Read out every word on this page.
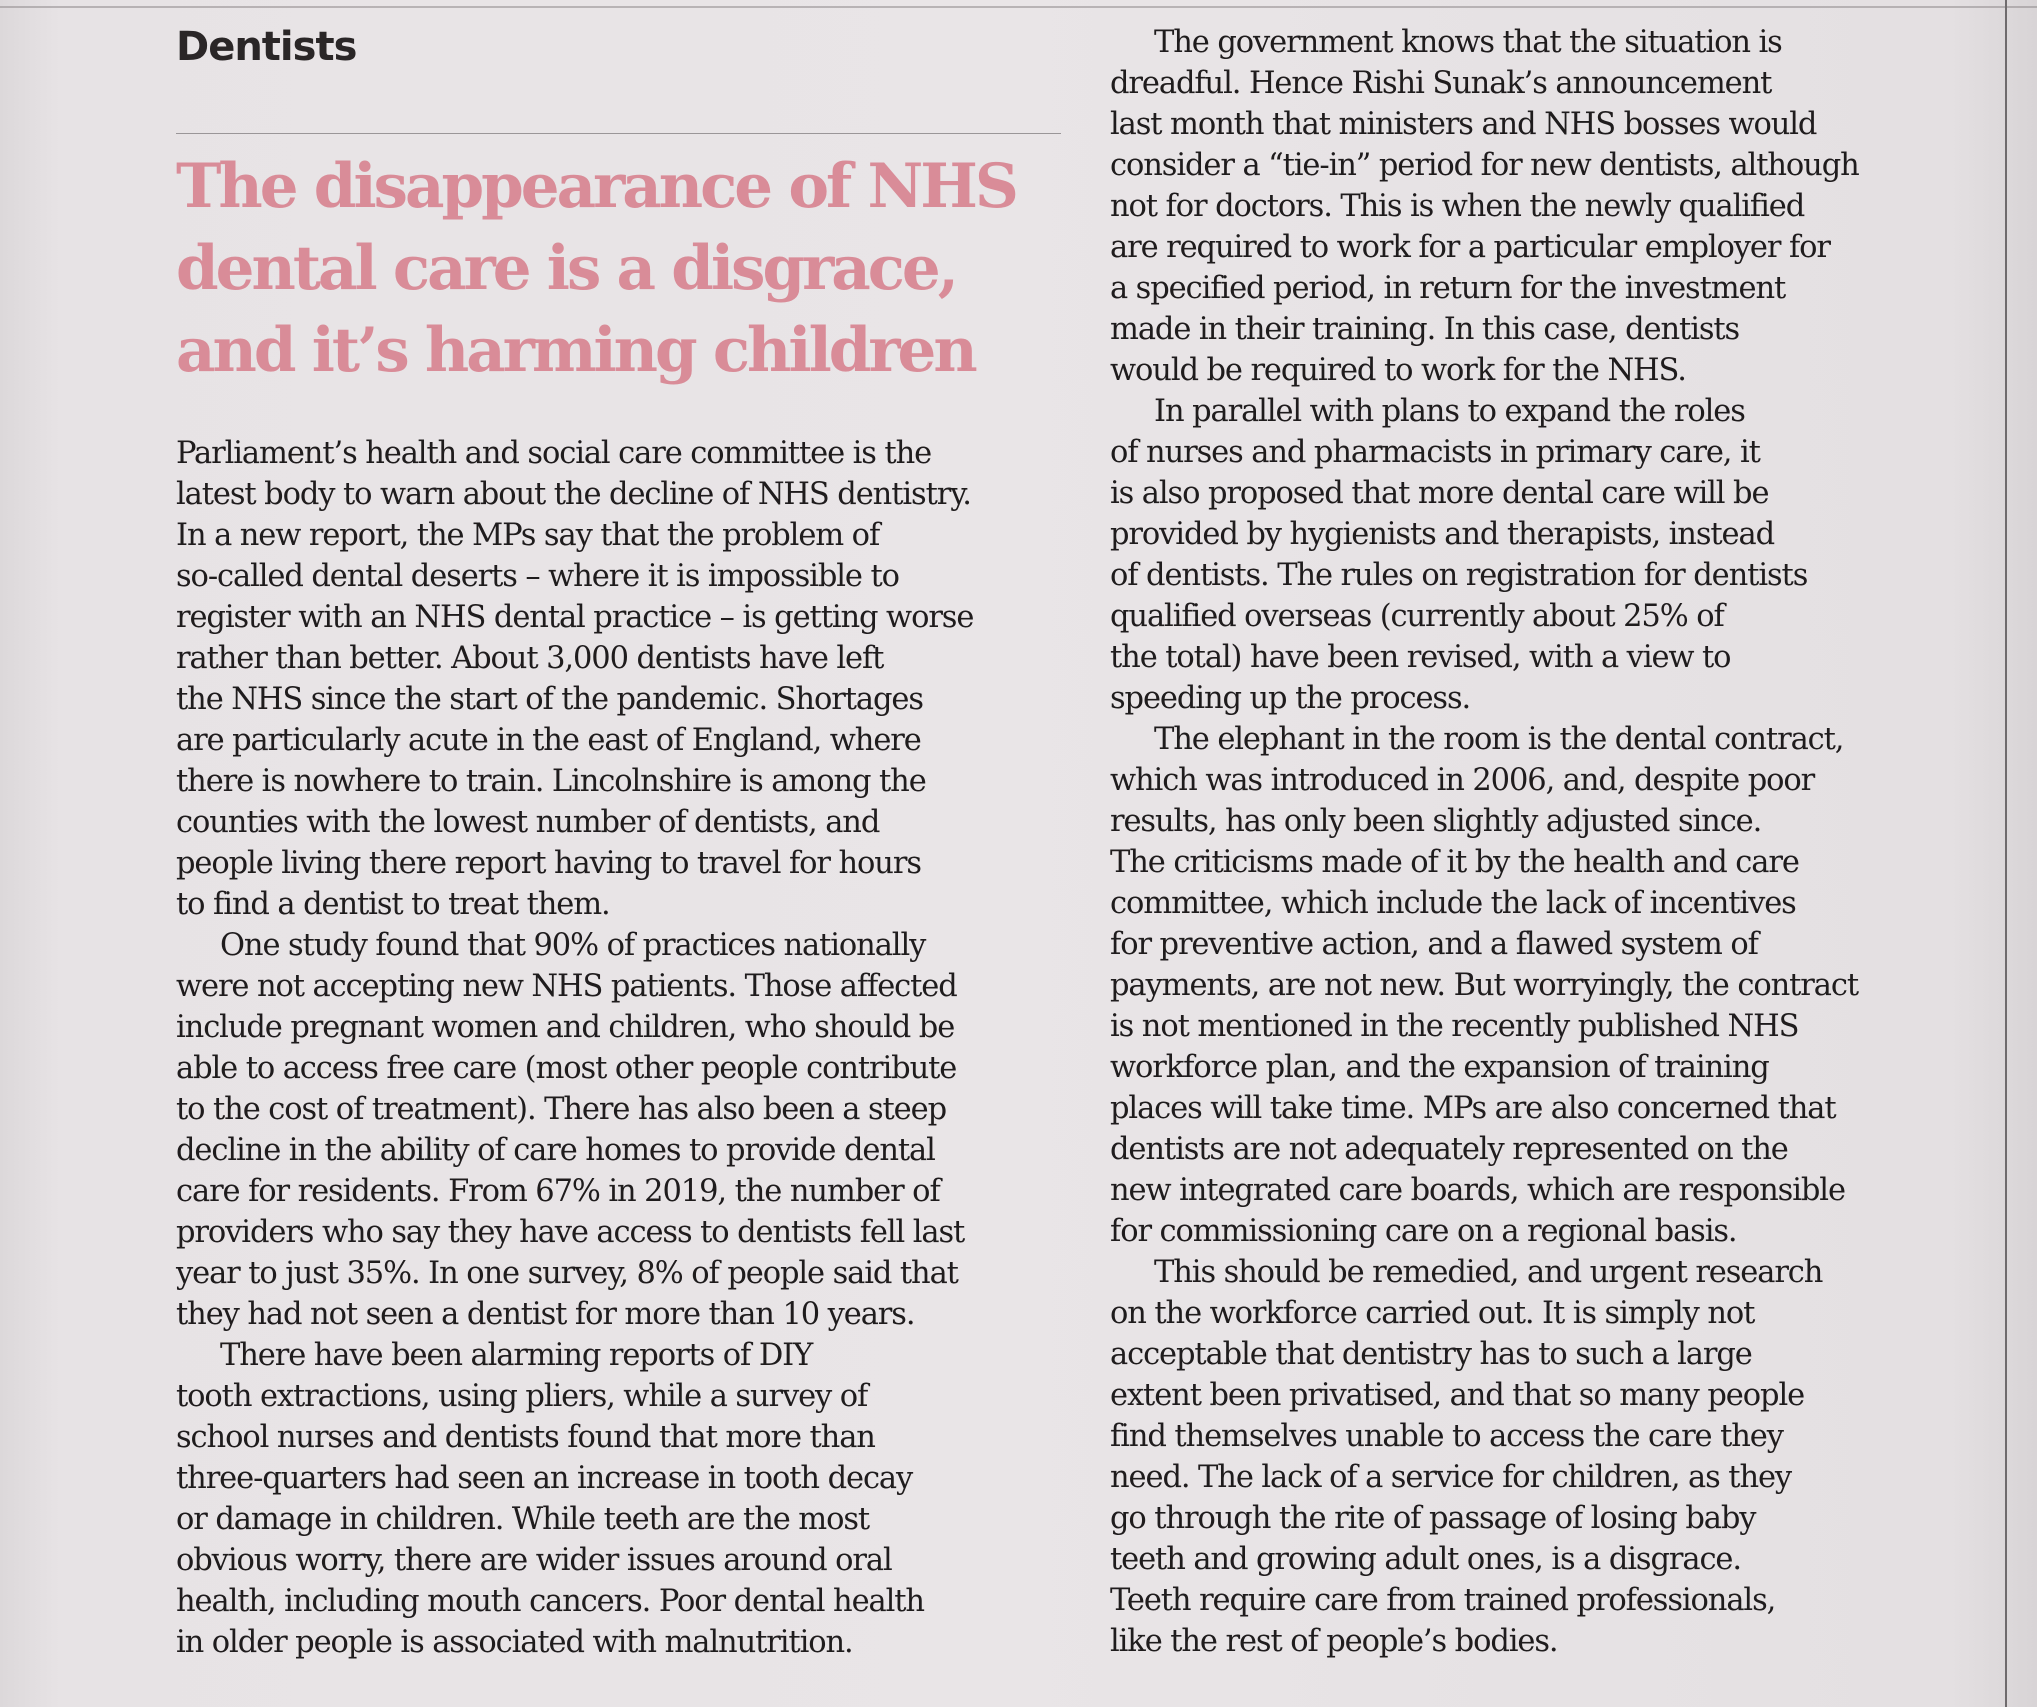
Dentists
The disappearance of NHS
dental care is a disgrace,
and it’s harming children
Parliament’s health and social care committee is the
latest body to warn about the decline of NHS dentistry.
In a new report, the MPs say that the problem of
so-called dental deserts – where it is impossible to
register with an NHS dental practice – is getting worse
rather than better. About 3,000 dentists have left
the NHS since the start of the pandemic. Shortages
are particularly acute in the east of England, where
there is nowhere to train. Lincolnshire is among the
counties with the lowest number of dentists, and
people living there report having to travel for hours
to find a dentist to treat them.
One study found that 90% of practices nationally
were not accepting new NHS patients. Those affected
include pregnant women and children, who should be
able to access free care (most other people contribute
to the cost of treatment). There has also been a steep
decline in the ability of care homes to provide dental
care for residents. From 67% in 2019, the number of
providers who say they have access to dentists fell last
year to just 35%. In one survey, 8% of people said that
they had not seen a dentist for more than 10 years.
There have been alarming reports of DIY
tooth extractions, using pliers, while a survey of
school nurses and dentists found that more than
three-quarters had seen an increase in tooth decay
or damage in children. While teeth are the most
obvious worry, there are wider issues around oral
health, including mouth cancers. Poor dental health
in older people is associated with malnutrition.
The government knows that the situation is
dreadful. Hence Rishi Sunak’s announcement
last month that ministers and NHS bosses would
consider a “tie-in” period for new dentists, although
not for doctors. This is when the newly qualified
are required to work for a particular employer for
a specified period, in return for the investment
made in their training. In this case, dentists
would be required to work for the NHS.
In parallel with plans to expand the roles
of nurses and pharmacists in primary care, it
is also proposed that more dental care will be
provided by hygienists and therapists, instead
of dentists. The rules on registration for dentists
qualified overseas (currently about 25% of
the total) have been revised, with a view to
speeding up the process.
The elephant in the room is the dental contract,
which was introduced in 2006, and, despite poor
results, has only been slightly adjusted since.
The criticisms made of it by the health and care
committee, which include the lack of incentives
for preventive action, and a flawed system of
payments, are not new. But worryingly, the contract
is not mentioned in the recently published NHS
workforce plan, and the expansion of training
places will take time. MPs are also concerned that
dentists are not adequately represented on the
new integrated care boards, which are responsible
for commissioning care on a regional basis.
This should be remedied, and urgent research
on the workforce carried out. It is simply not
acceptable that dentistry has to such a large
extent been privatised, and that so many people
find themselves unable to access the care they
need. The lack of a service for children, as they
go through the rite of passage of losing baby
teeth and growing adult ones, is a disgrace.
Teeth require care from trained professionals,
like the rest of people’s bodies.
